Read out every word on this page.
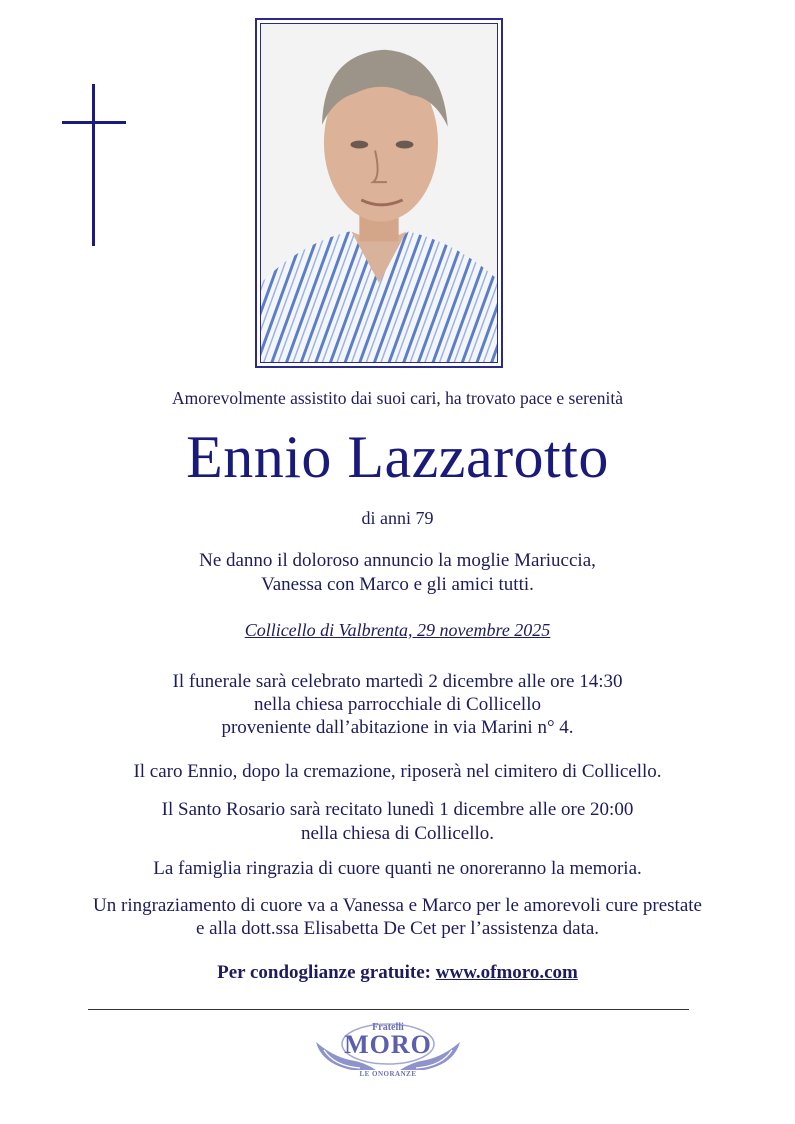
Amorevolmente assistito dai suoi cari, ha trovato pace e serenità
Ennio Lazzarotto
di anni 79
Ne danno il doloroso annuncio la moglie Mariuccia,
Vanessa con Marco e gli amici tutti.
Collicello di Valbrenta, 29 novembre 2025
Il funerale sarà celebrato martedì 2 dicembre alle ore 14:30
nella chiesa parrocchiale di Collicello
proveniente dall’abitazione in via Marini n° 4.
Il caro Ennio, dopo la cremazione, riposerà nel cimitero di Collicello.
Il Santo Rosario sarà recitato lunedì 1 dicembre alle ore 20:00
nella chiesa di Collicello.
La famiglia ringrazia di cuore quanti ne onoreranno la memoria.
Un ringraziamento di cuore va a Vanessa e Marco per le amorevoli cure prestate
e alla dott.ssa Elisabetta De Cet per l’assistenza data.
Per condoglianze gratuite: www.ofmoro.com
Fratelli
MORO
LE ONORANZE
